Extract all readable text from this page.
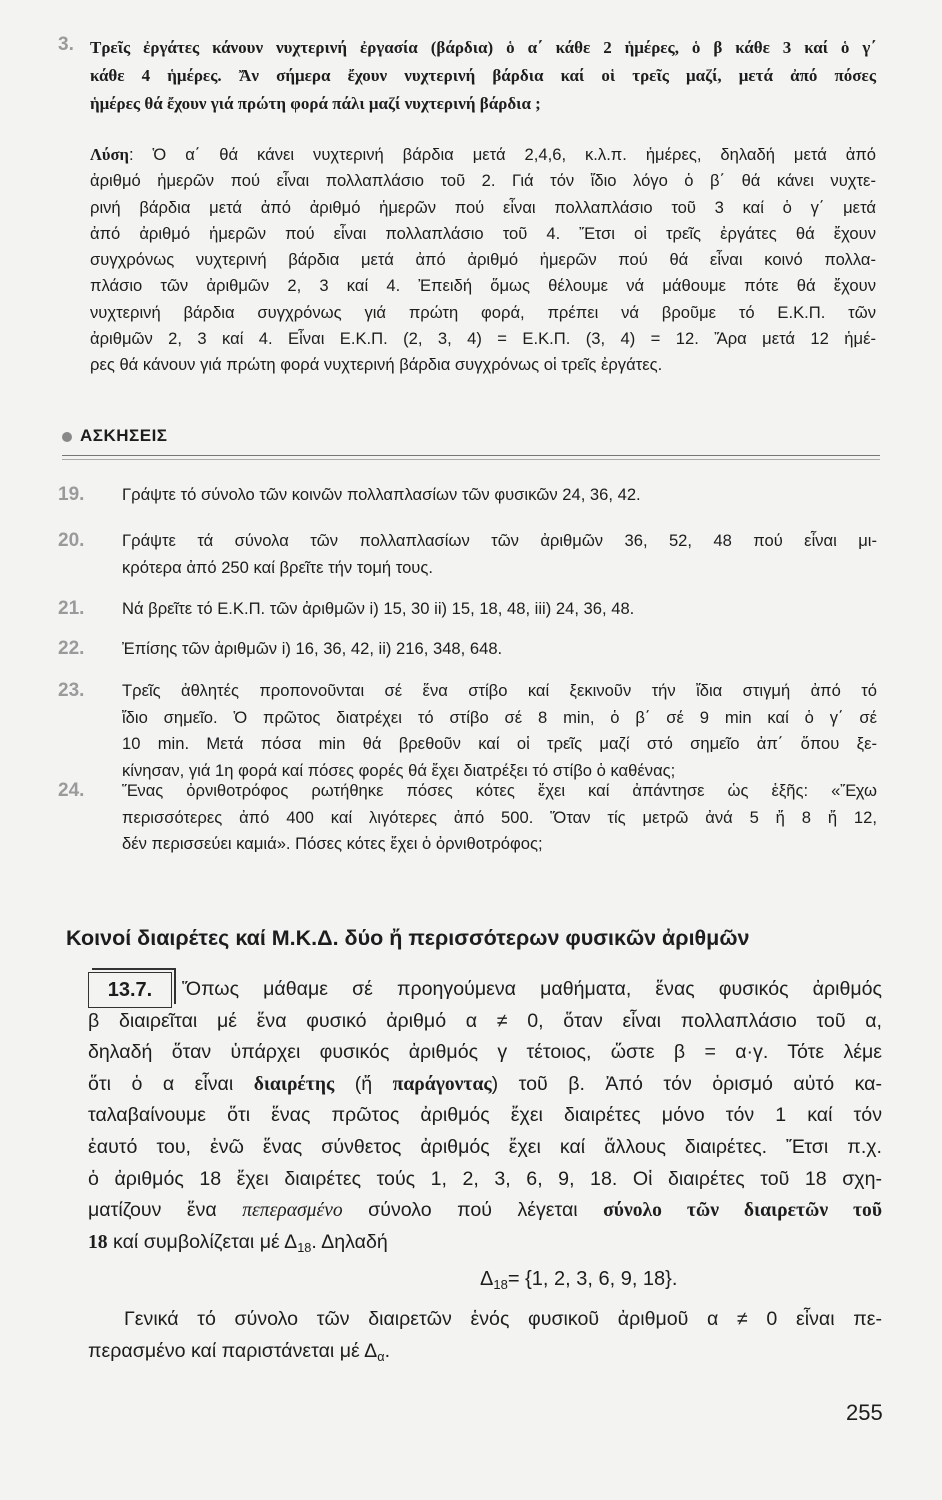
3. Τρεῖς ἐργάτες κάνουν νυχτερινή ἐργασία (βάρδια) ὁ α΄ κάθε 2 ἡμέρες, ὁ β κάθε 3 καί ὁ γ΄
κάθε 4 ἡμέρες. Ἄν σήμερα ἔχουν νυχτερινή βάρδια καί οἱ τρεῖς μαζί, μετά ἀπό πόσες
ἡμέρες θά ἔχουν γιά πρώτη φορά πάλι μαζί νυχτερινή βάρδια ;
Λύση: Ὁ α΄ θά κάνει νυχτερινή βάρδια μετά 2,4,6, κ.λ.π. ἡμέρες, δηλαδή μετά ἀπό
ἀριθμό ἡμερῶν πού εἶναι πολλαπλάσιο τοῦ 2. Γιά τόν ἴδιο λόγο ὁ β΄ θά κάνει νυχτε-
ρινή βάρδια μετά ἀπό ἀριθμό ἡμερῶν πού εἶναι πολλαπλάσιο τοῦ 3 καί ὁ γ΄ μετά
ἀπό ἀριθμό ἡμερῶν πού εἶναι πολλαπλάσιο τοῦ 4. Ἔτσι οἱ τρεῖς ἐργάτες θά ἔχουν
συγχρόνως νυχτερινή βάρδια μετά ἀπό ἀριθμό ἡμερῶν πού θά εἶναι κοινό πολλα-
πλάσιο τῶν ἀριθμῶν 2, 3 καί 4. Ἐπειδή ὅμως θέλουμε νά μάθουμε πότε θά ἔχουν
νυχτερινή βάρδια συγχρόνως γιά πρώτη φορά, πρέπει νά βροῦμε τό Ε.Κ.Π. τῶν
ἀριθμῶν 2, 3 καί 4. Εἶναι Ε.Κ.Π. (2, 3, 4) = Ε.Κ.Π. (3, 4) = 12. Ἄρα μετά 12 ἡμέ-
ρες θά κάνουν γιά πρώτη φορά νυχτερινή βάρδια συγχρόνως οἱ τρεῖς ἐργάτες.
ΑΣΚΗΣΕΙΣ
19. Γράψτε τό σύνολο τῶν κοινῶν πολλαπλασίων τῶν φυσικῶν 24, 36, 42.
20. Γράψτε τά σύνολα τῶν πολλαπλασίων τῶν ἀριθμῶν 36, 52, 48 πού εἶναι μι-
κρότερα ἀπό 250 καί βρεῖτε τήν τομή τους.
21. Νά βρεῖτε τό Ε.Κ.Π. τῶν ἀριθμῶν i) 15, 30 ii) 15, 18, 48, iii) 24, 36, 48.
22. Ἐπίσης τῶν ἀριθμῶν i) 16, 36, 42, ii) 216, 348, 648.
23. Τρεῖς ἀθλητές προπονοῦνται σέ ἕνα στίβο καί ξεκινοῦν τήν ἴδια στιγμή ἀπό τό
ἴδιο σημεῖο. Ὁ πρῶτος διατρέχει τό στίβο σέ 8 min, ὁ β΄ σέ 9 min καί ὁ γ΄ σέ
10 min. Μετά πόσα min θά βρεθοῦν καί οἱ τρεῖς μαζί στό σημεῖο ἀπ΄ ὅπου ξε-
κίνησαν, γιά 1η φορά καί πόσες φορές θά ἔχει διατρέξει τό στίβο ὁ καθένας;
24. Ἕνας ὀρνιθοτρόφος ρωτήθηκε πόσες κότες ἔχει καί ἀπάντησε ὡς ἑξῆς: «Ἔχω
περισσότερες ἀπό 400 καί λιγότερες ἀπό 500. Ὅταν τίς μετρῶ ἀνά 5 ἤ 8 ἤ 12,
δέν περισσεύει καμιά». Πόσες κότες ἔχει ὁ ὀρνιθοτρόφος;
Κοινοί διαιρέτες καί Μ.Κ.Δ. δύο ἤ περισσότερων φυσικῶν ἀριθμῶν
13.7.	Ὅπως μάθαμε σέ προηγούμενα μαθήματα, ἕνας φυσικός ἀριθμός
β διαιρεῖται μέ ἕνα φυσικό ἀριθμό α ≠ 0, ὅταν εἶναι πολλαπλάσιο τοῦ α,
δηλαδή ὅταν ὑπάρχει φυσικός ἀριθμός γ τέτοιος, ὥστε β = α·γ. Τότε λέμε
ὅτι ὁ α εἶναι διαιρέτης (ἤ παράγοντας) τοῦ β. Ἀπό τόν ὁρισμό αὐτό κα-
ταλαβαίνουμε ὅτι ἕνας πρῶτος ἀριθμός ἔχει διαιρέτες μόνο τόν 1 καί τόν
ἑαυτό του, ἐνῶ ἕνας σύνθετος ἀριθμός ἔχει καί ἄλλους διαιρέτες. Ἔτσι π.χ.
ὁ ἀριθμός 18 ἔχει διαιρέτες τούς 1, 2, 3, 6, 9, 18. Οἱ διαιρέτες τοῦ 18 σχη-
ματίζουν ἕνα πεπερασμένο σύνολο πού λέγεται σύνολο τῶν διαιρετῶν τοῦ
18 καί συμβολίζεται μέ $\Delta_{18}$. Δηλαδή
$\Delta_{18}= \{1$, 2, 3, 6, 9, 18}.
Γενικά τό σύνολο τῶν διαιρετῶν ἑνός φυσικοῦ ἀριθμοῦ α ≠ 0 εἶναι πε-
περασμένο καί παριστάνεται μέ $\Delta_\alpha$.
255
